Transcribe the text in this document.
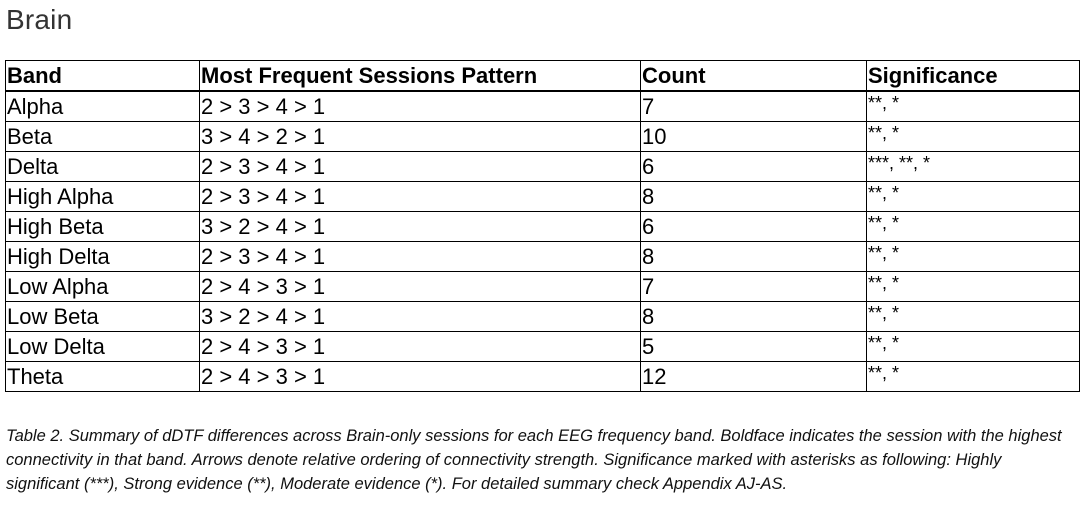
Brain
Band	Most Frequent Sessions Pattern	Count	Significance
Alpha	2 > 3 > 4 > 1	7	**, *
Beta	3 > 4 > 2 > 1	10	**, *
Delta	2 > 3 > 4 > 1	6	***, **, *
High Alpha	2 > 3 > 4 > 1	8	**, *
High Beta	3 > 2 > 4 > 1	6	**, *
High Delta	2 > 3 > 4 > 1	8	**, *
Low Alpha	2 > 4 > 3 > 1	7	**, *
Low Beta	3 > 2 > 4 > 1	8	**, *
Low Delta	2 > 4 > 3 > 1	5	**, *
Theta	2 > 4 > 3 > 1	12	**, *
Table 2. Summary of dDTF differences across Brain-only sessions for each EEG frequency band. Boldface indicates the session with the highest connectivity in that band. Arrows denote relative ordering of connectivity strength. Significance marked with asterisks as following: Highly significant (***), Strong evidence (**), Moderate evidence (*). For detailed summary check Appendix AJ-AS.
